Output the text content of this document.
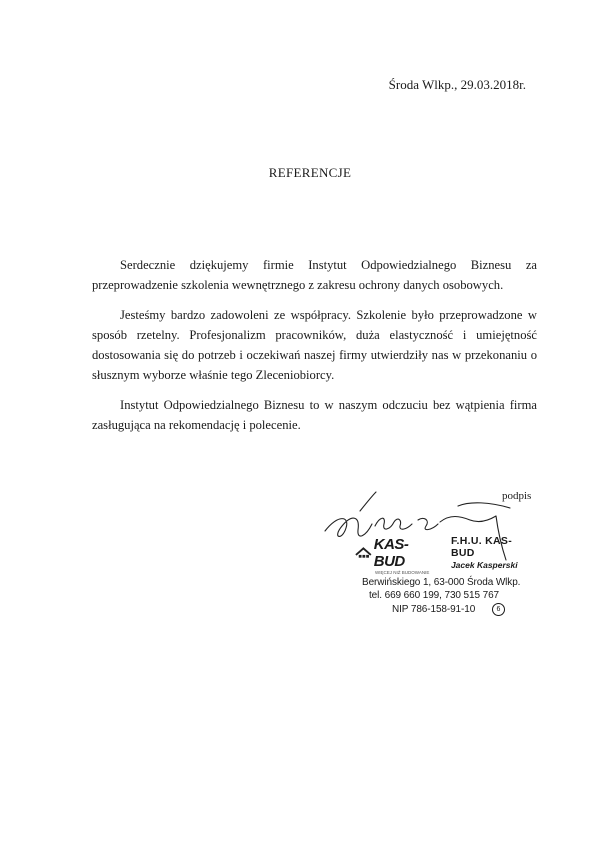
Środa Wlkp., 29.03.2018r.
REFERENCJE

Serdecznie dziękujemy firmie Instytut Odpowiedzialnego Biznesu za przeprowadzenie szkolenia wewnętrznego z zakresu ochrony danych osobowych.

Jesteśmy bardzo zadowoleni ze współpracy. Szkolenie było przeprowadzone w sposób rzetelny. Profesjonalizm pracowników, duża elastyczność i umiejętność dostosowania się do potrzeb i oczekiwań naszej firmy utwierdziły nas w przekonaniu o słusznym wyborze właśnie tego Zleceniobiorcy.

Instytut Odpowiedzialnego Biznesu to w naszym odczuciu bez wątpienia firma zasługująca na rekomendację i polecenie.

podpis
KAS-BUD
F.H.U. KAS-BUD
Jacek Kasperski
WIĘCEJ NIŻ BUDOWANIE
Berwińskiego 1, 63-000 Środa Wlkp.
tel. 669 660 199, 730 515 767
NIP 786-158-91-10	6
